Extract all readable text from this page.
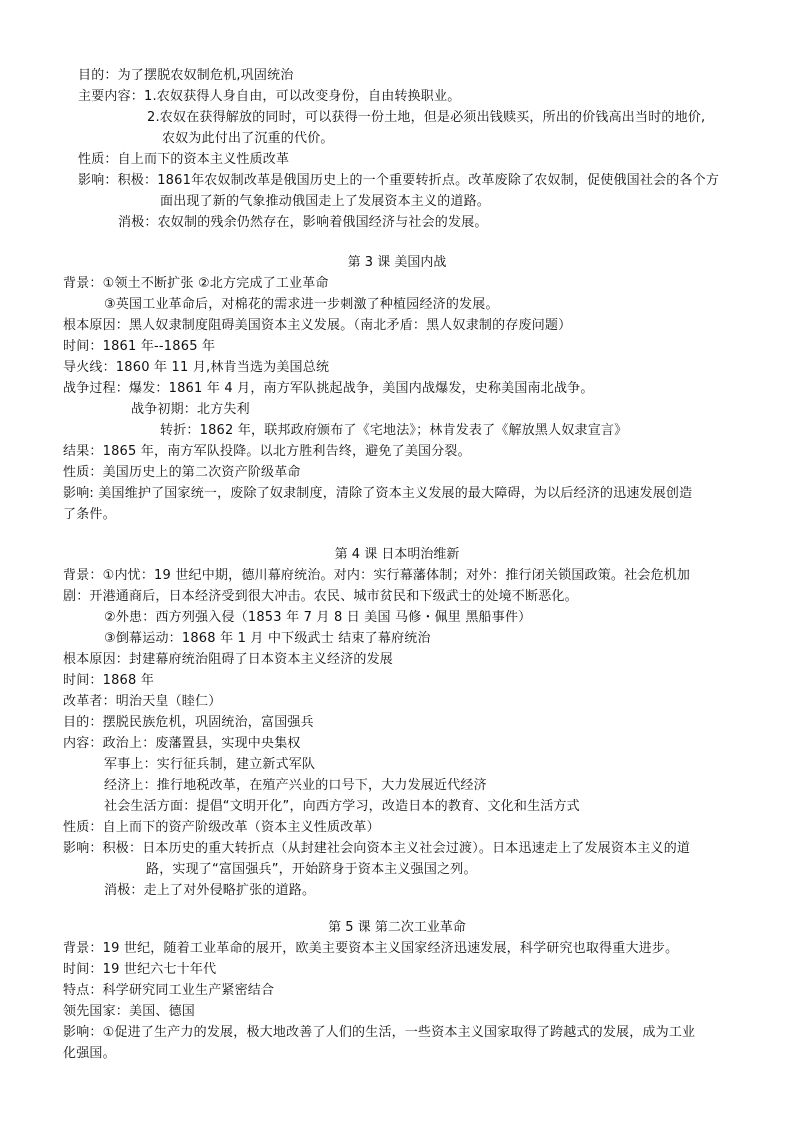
目的：为了摆脱农奴制危机,巩固统治
主要内容：1.农奴获得人身自由，可以改变身份，自由转换职业。
2.农奴在获得解放的同时，可以获得一份土地，但是必须出钱赎买，所出的价钱高出当时的地价,
农奴为此付出了沉重的代价。
性质：自上而下的资本主义性质改革
影响：积极：1861年农奴制改革是俄国历史上的一个重要转折点。改革废除了农奴制，促使俄国社会的各个方
面出现了新的气象推动俄国走上了发展资本主义的道路。
消极：农奴制的残余仍然存在，影响着俄国经济与社会的发展。
第 3 课 美国内战
背景：①领土不断扩张 ②北方完成了工业革命
③英国工业革命后，对棉花的需求进一步刺激了种植园经济的发展。
根本原因：黑人奴隶制度阻碍美国资本主义发展。（南北矛盾：黑人奴隶制的存废问题）
时间：1861 年--1865 年
导火线：1860 年 11 月,林肯当选为美国总统
战争过程：爆发：1861 年 4 月，南方军队挑起战争，美国内战爆发，史称美国南北战争。
战争初期：北方失利
转折：1862 年，联邦政府颁布了《宅地法》；林肯发表了《解放黑人奴隶宣言》
结果：1865 年，南方军队投降。以北方胜利告终，避免了美国分裂。
性质：美国历史上的第二次资产阶级革命
影响: 美国维护了国家统一，废除了奴隶制度，清除了资本主义发展的最大障碍，为以后经济的迅速发展创造
了条件。
第 4 课 日本明治维新
背景：①内忧：19 世纪中期，德川幕府统治。对内：实行幕藩体制；对外：推行闭关锁国政策。社会危机加
剧：开港通商后，日本经济受到很大冲击。农民、城市贫民和下级武士的处境不断恶化。
②外患：西方列强入侵（1853 年 7 月 8 日 美国 马修・佩里 黑船事件）
③倒幕运动：1868 年 1 月 中下级武士 结束了幕府统治
根本原因：封建幕府统治阻碍了日本资本主义经济的发展
时间：1868 年
改革者：明治天皇（睦仁）
目的：摆脱民族危机，巩固统治，富国强兵
内容：政治上：废藩置县，实现中央集权
军事上：实行征兵制，建立新式军队
经济上：推行地税改革，在殖产兴业的口号下，大力发展近代经济
社会生活方面：提倡“文明开化”，向西方学习，改造日本的教育、文化和生活方式
性质：自上而下的资产阶级改革（资本主义性质改革）
影响：积极：日本历史的重大转折点（从封建社会向资本主义社会过渡）。日本迅速走上了发展资本主义的道
路，实现了“富国强兵”，开始跻身于资本主义强国之列。
消极：走上了对外侵略扩张的道路。
第 5 课 第二次工业革命
背景：19 世纪，随着工业革命的展开，欧美主要资本主义国家经济迅速发展，科学研究也取得重大进步。
时间：19 世纪六七十年代
特点：科学研究同工业生产紧密结合
领先国家：美国、德国
影响：①促进了生产力的发展，极大地改善了人们的生活，一些资本主义国家取得了跨越式的发展，成为工业
化强国。
